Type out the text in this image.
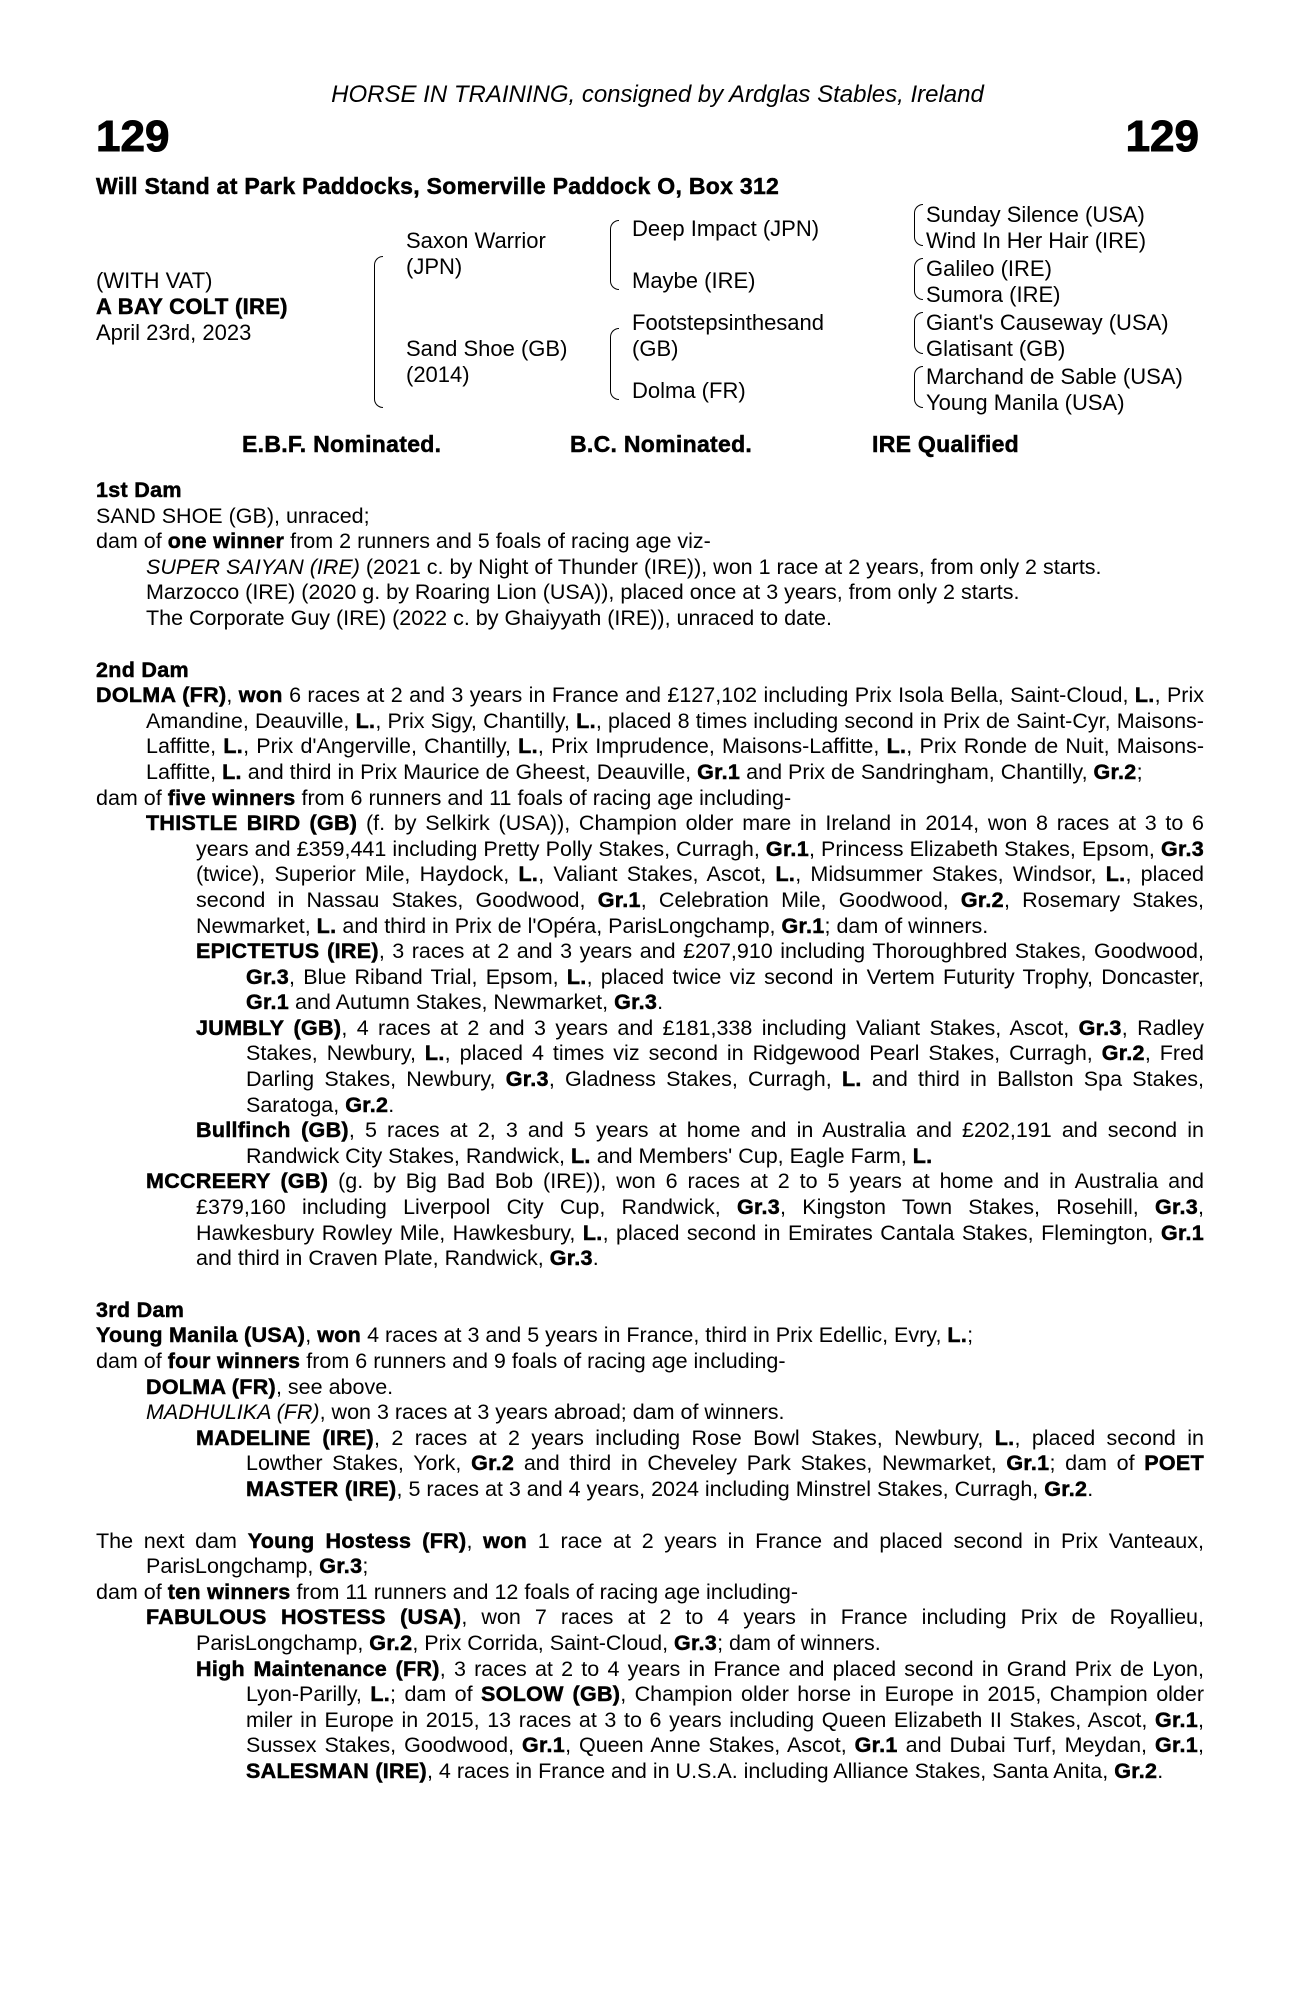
HORSE IN TRAINING, consigned by Ardglas Stables, Ireland
129	129
Will Stand at Park Paddocks, Somerville Paddock O, Box 312
(WITH VAT)
A BAY COLT (IRE)
April 23rd, 2023
Saxon Warrior
(JPN)
Sand Shoe (GB)
(2014)
Deep Impact (JPN)
Maybe (IRE)
Footstepsinthesand
(GB)
Dolma (FR)
Sunday Silence (USA)
Wind In Her Hair (IRE)
Galileo (IRE)
Sumora (IRE)
Giant's Causeway (USA)
Glatisant (GB)
Marchand de Sable (USA)
Young Manila (USA)
E.B.F. Nominated.	B.C. Nominated.	IRE Qualified
1st Dam
SAND SHOE (GB), unraced;
dam of one winner from 2 runners and 5 foals of racing age viz-
SUPER SAIYAN (IRE) (2021 c. by Night of Thunder (IRE)), won 1 race at 2 years, from only 2 starts.
Marzocco (IRE) (2020 g. by Roaring Lion (USA)), placed once at 3 years, from only 2 starts.
The Corporate Guy (IRE) (2022 c. by Ghaiyyath (IRE)), unraced to date.
2nd Dam
DOLMA (FR), won 6 races at 2 and 3 years in France and £127,102 including Prix Isola Bella, Saint-Cloud, L., Prix Amandine, Deauville, L., Prix Sigy, Chantilly, L., placed 8 times including second in Prix de Saint-Cyr, Maisons-Laffitte, L., Prix d'Angerville, Chantilly, L., Prix Imprudence, Maisons-Laffitte, L., Prix Ronde de Nuit, Maisons-Laffitte, L. and third in Prix Maurice de Gheest, Deauville, Gr.1 and Prix de Sandringham, Chantilly, Gr.2;
dam of five winners from 6 runners and 11 foals of racing age including-
THISTLE BIRD (GB) (f. by Selkirk (USA)), Champion older mare in Ireland in 2014, won 8 races at 3 to 6 years and £359,441 including Pretty Polly Stakes, Curragh, Gr.1, Princess Elizabeth Stakes, Epsom, Gr.3 (twice), Superior Mile, Haydock, L., Valiant Stakes, Ascot, L., Midsummer Stakes, Windsor, L., placed second in Nassau Stakes, Goodwood, Gr.1, Celebration Mile, Goodwood, Gr.2, Rosemary Stakes, Newmarket, L. and third in Prix de l'Opéra, ParisLongchamp, Gr.1; dam of winners.
EPICTETUS (IRE), 3 races at 2 and 3 years and £207,910 including Thoroughbred Stakes, Goodwood, Gr.3, Blue Riband Trial, Epsom, L., placed twice viz second in Vertem Futurity Trophy, Doncaster, Gr.1 and Autumn Stakes, Newmarket, Gr.3.
JUMBLY (GB), 4 races at 2 and 3 years and £181,338 including Valiant Stakes, Ascot, Gr.3, Radley Stakes, Newbury, L., placed 4 times viz second in Ridgewood Pearl Stakes, Curragh, Gr.2, Fred Darling Stakes, Newbury, Gr.3, Gladness Stakes, Curragh, L. and third in Ballston Spa Stakes, Saratoga, Gr.2.
Bullfinch (GB), 5 races at 2, 3 and 5 years at home and in Australia and £202,191 and second in Randwick City Stakes, Randwick, L. and Members' Cup, Eagle Farm, L.
MCCREERY (GB) (g. by Big Bad Bob (IRE)), won 6 races at 2 to 5 years at home and in Australia and £379,160 including Liverpool City Cup, Randwick, Gr.3, Kingston Town Stakes, Rosehill, Gr.3, Hawkesbury Rowley Mile, Hawkesbury, L., placed second in Emirates Cantala Stakes, Flemington, Gr.1 and third in Craven Plate, Randwick, Gr.3.
3rd Dam
Young Manila (USA), won 4 races at 3 and 5 years in France, third in Prix Edellic, Evry, L.;
dam of four winners from 6 runners and 9 foals of racing age including-
DOLMA (FR), see above.
MADHULIKA (FR), won 3 races at 3 years abroad; dam of winners.
MADELINE (IRE), 2 races at 2 years including Rose Bowl Stakes, Newbury, L., placed second in Lowther Stakes, York, Gr.2 and third in Cheveley Park Stakes, Newmarket, Gr.1; dam of POET MASTER (IRE), 5 races at 3 and 4 years, 2024 including Minstrel Stakes, Curragh, Gr.2.
The next dam Young Hostess (FR), won 1 race at 2 years in France and placed second in Prix Vanteaux, ParisLongchamp, Gr.3;
dam of ten winners from 11 runners and 12 foals of racing age including-
FABULOUS HOSTESS (USA), won 7 races at 2 to 4 years in France including Prix de Royallieu, ParisLongchamp, Gr.2, Prix Corrida, Saint-Cloud, Gr.3; dam of winners.
High Maintenance (FR), 3 races at 2 to 4 years in France and placed second in Grand Prix de Lyon, Lyon-Parilly, L.; dam of SOLOW (GB), Champion older horse in Europe in 2015, Champion older miler in Europe in 2015, 13 races at 3 to 6 years including Queen Elizabeth II Stakes, Ascot, Gr.1, Sussex Stakes, Goodwood, Gr.1, Queen Anne Stakes, Ascot, Gr.1 and Dubai Turf, Meydan, Gr.1, SALESMAN (IRE), 4 races in France and in U.S.A. including Alliance Stakes, Santa Anita, Gr.2.
